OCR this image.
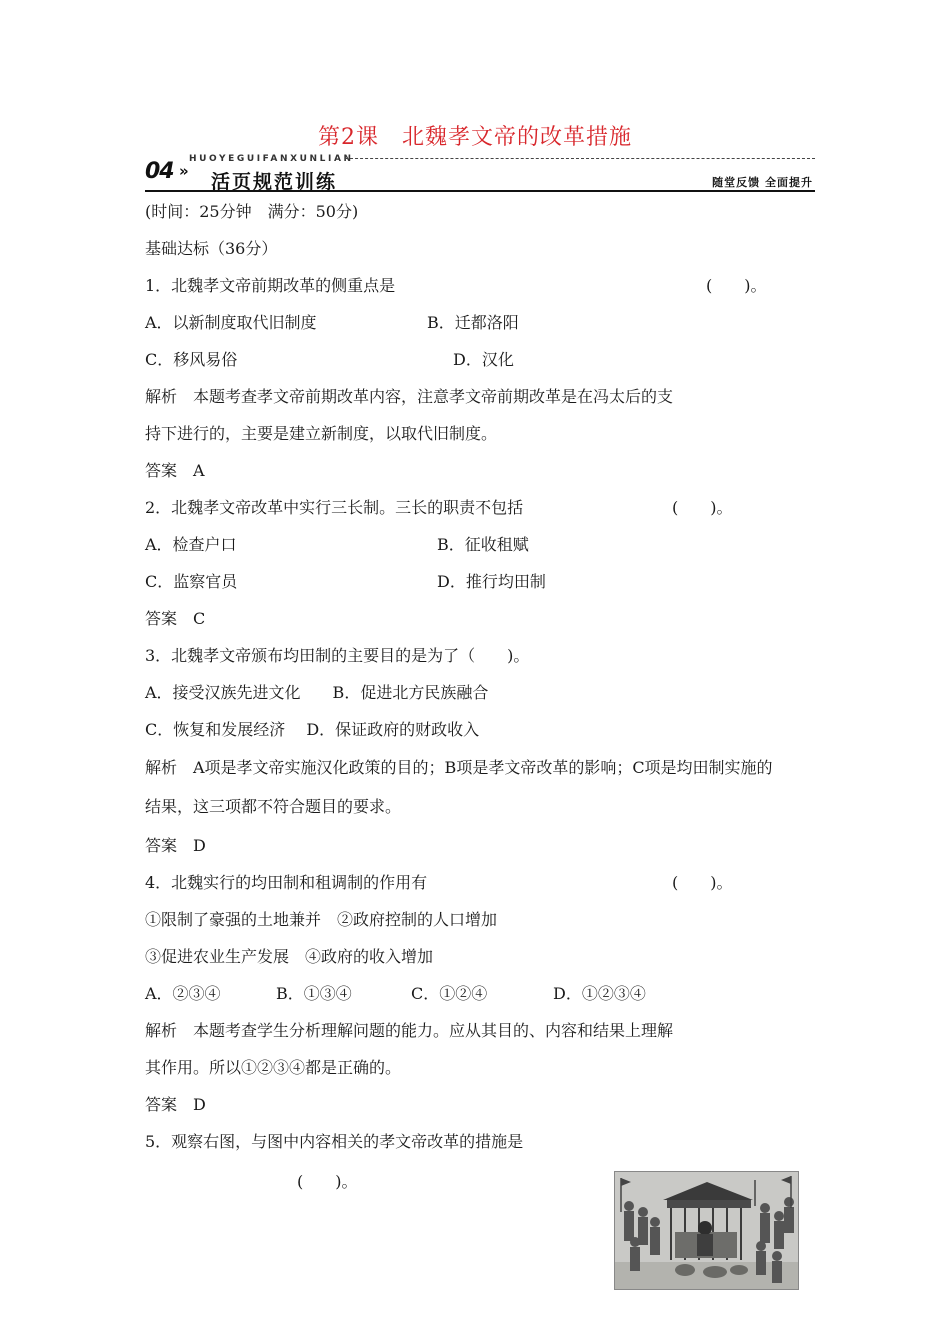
第2课　北魏孝文帝的改革措施
04 »
HUOYEGUIFANXUNLIAN
活页规范训练	随堂反馈 全面提升
(时间：25分钟　满分：50分)
基础达标（36分）
1．北魏孝文帝前期改革的侧重点是	(　　)。
A．以新制度取代旧制度	B．迁都洛阳
C．移风易俗	D．汉化
解析　本题考查孝文帝前期改革内容，注意孝文帝前期改革是在冯太后的支
持下进行的，主要是建立新制度，以取代旧制度。
答案　A
2．北魏孝文帝改革中实行三长制。三长的职责不包括	(　　)。
A．检查户口	B．征收租赋
C．监察官员	D．推行均田制
答案　C
3．北魏孝文帝颁布均田制的主要目的是为了（　　)。
A．接受汉族先进文化　　B．促进北方民族融合
C．恢复和发展经济　 D．保证政府的财政收入
解析　A项是孝文帝实施汉化政策的目的；B项是孝文帝改革的影响；C项是均田制实施的
结果，这三项都不符合题目的要求。
答案　D
4．北魏实行的均田制和租调制的作用有	(　　)。
①限制了豪强的土地兼并　②政府控制的人口增加
③促进农业生产发展　④政府的收入增加
A．②③④	B．①③④	C．①②④	D．①②③④
解析　本题考查学生分析理解问题的能力。应从其目的、内容和结果上理解
其作用。所以①②③④都是正确的。
答案　D
5．观察右图，与图中内容相关的孝文帝改革的措施是
(　　)。
